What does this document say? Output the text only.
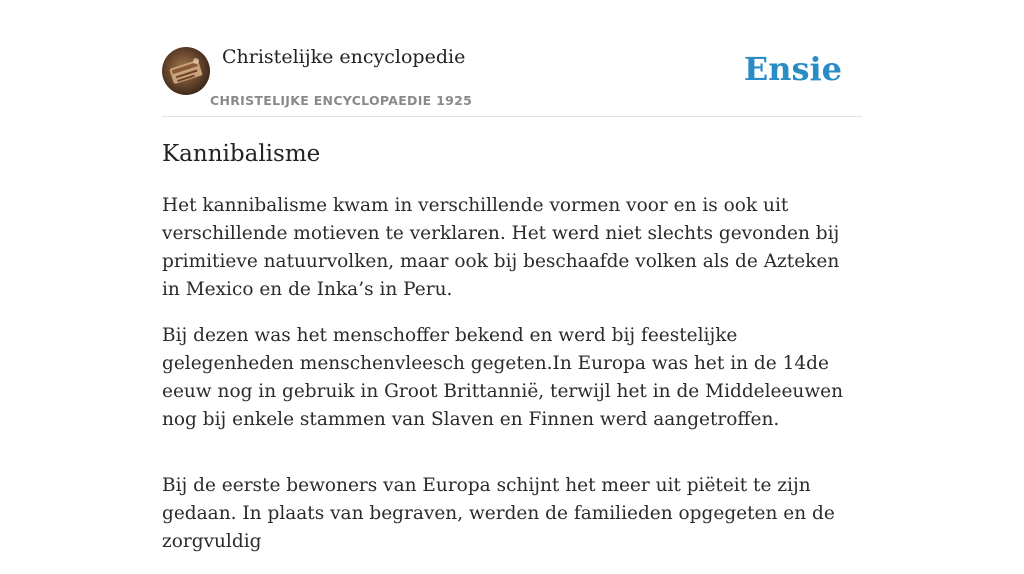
Christelijke encyclopedie
CHRISTELIJKE ENCYCLOPAEDIE 1925
Ensie
Kannibalisme

Het kannibalisme kwam in verschillende vormen voor en is ook uit verschillende motieven te verklaren. Het werd niet slechts gevonden bij primitieve natuurvolken, maar ook bij beschaafde volken als de Azteken in Mexico en de Inka’s in Peru.

Bij dezen was het menschoffer bekend en werd bij feestelijke gelegenheden menschenvleesch gegeten.In Europa was het in de 14de eeuw nog in gebruik in Groot Brittannië, terwijl het in de Middeleeuwen nog bij enkele stammen van Slaven en Finnen werd aangetroffen.

Bij de eerste bewoners van Europa schijnt het meer uit piëteit te zijn gedaan. In plaats van begraven, werden de familieden opgegeten en de zorgvuldig
